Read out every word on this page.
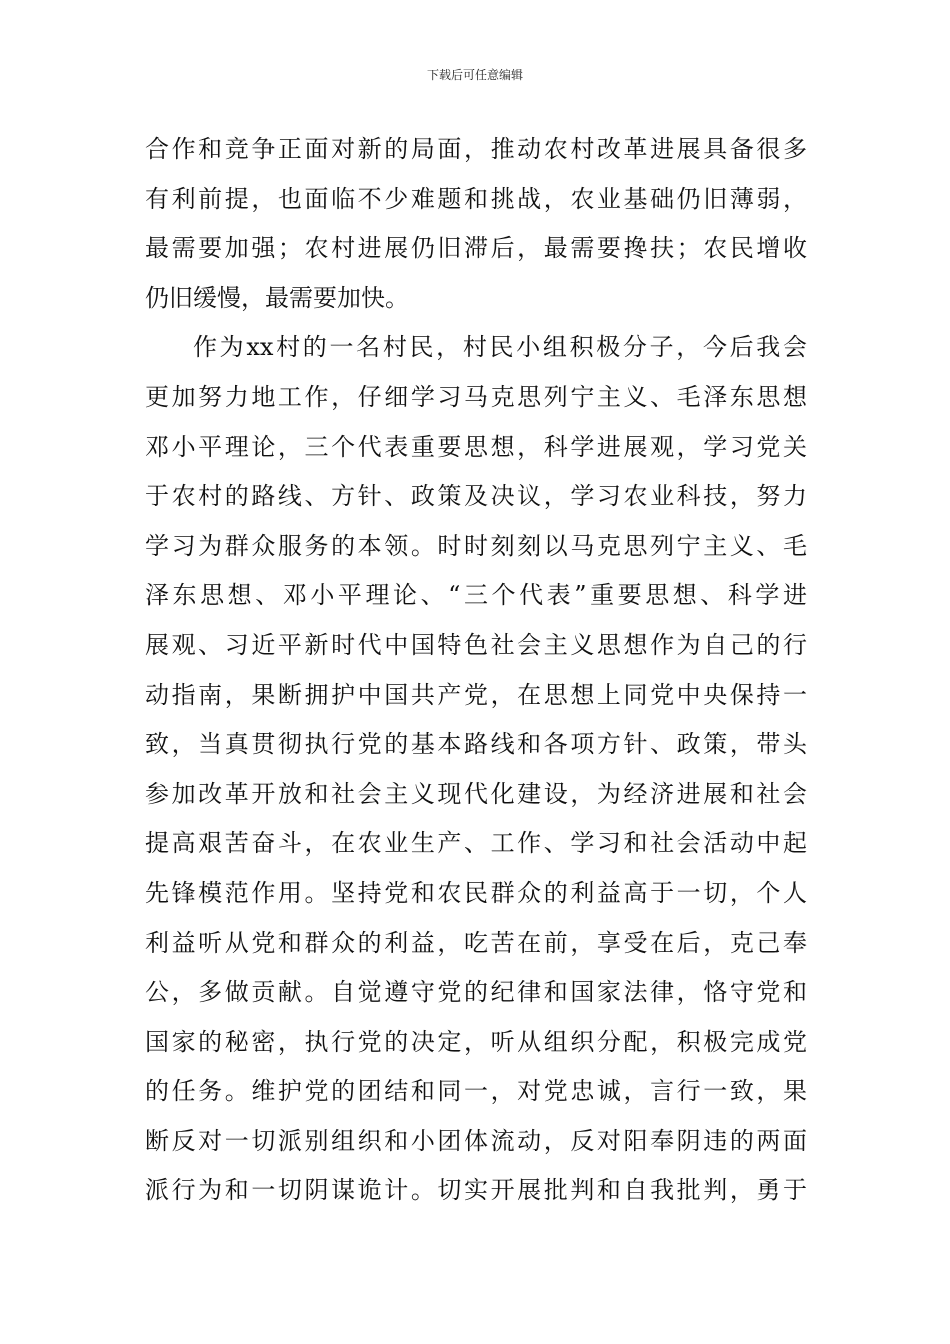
下载后可任意编辑
合作和竞争正面对新的局面，推动农村改革进展具备很多
有利前提，也面临不少难题和挑战，农业基础仍旧薄弱，
最需要加强；农村进展仍旧滞后，最需要搀扶；农民增收
仍旧缓慢，最需要加快。
作为xx村的一名村民，村民小组积极分子，今后我会
更加努力地工作，仔细学习马克思列宁主义、毛泽东思想
邓小平理论，三个代表重要思想，科学进展观，学习党关
于农村的路线、方针、政策及决议，学习农业科技，努力
学习为群众服务的本领。时时刻刻以马克思列宁主义、毛
泽东思想、邓小平理论、“三个代表”重要思想、科学进
展观、习近平新时代中国特色社会主义思想作为自己的行
动指南，果断拥护中国共产党，在思想上同党中央保持一
致，当真贯彻执行党的基本路线和各项方针、政策，带头
参加改革开放和社会主义现代化建设，为经济进展和社会
提高艰苦奋斗，在农业生产、工作、学习和社会活动中起
先锋模范作用。坚持党和农民群众的利益高于一切，个人
利益听从党和群众的利益，吃苦在前，享受在后，克己奉
公，多做贡献。自觉遵守党的纪律和国家法律，恪守党和
国家的秘密，执行党的决定，听从组织分配，积极完成党
的任务。维护党的团结和同一，对党忠诚，言行一致，果
断反对一切派别组织和小团体流动，反对阳奉阴违的两面
派行为和一切阴谋诡计。切实开展批判和自我批判，勇于
